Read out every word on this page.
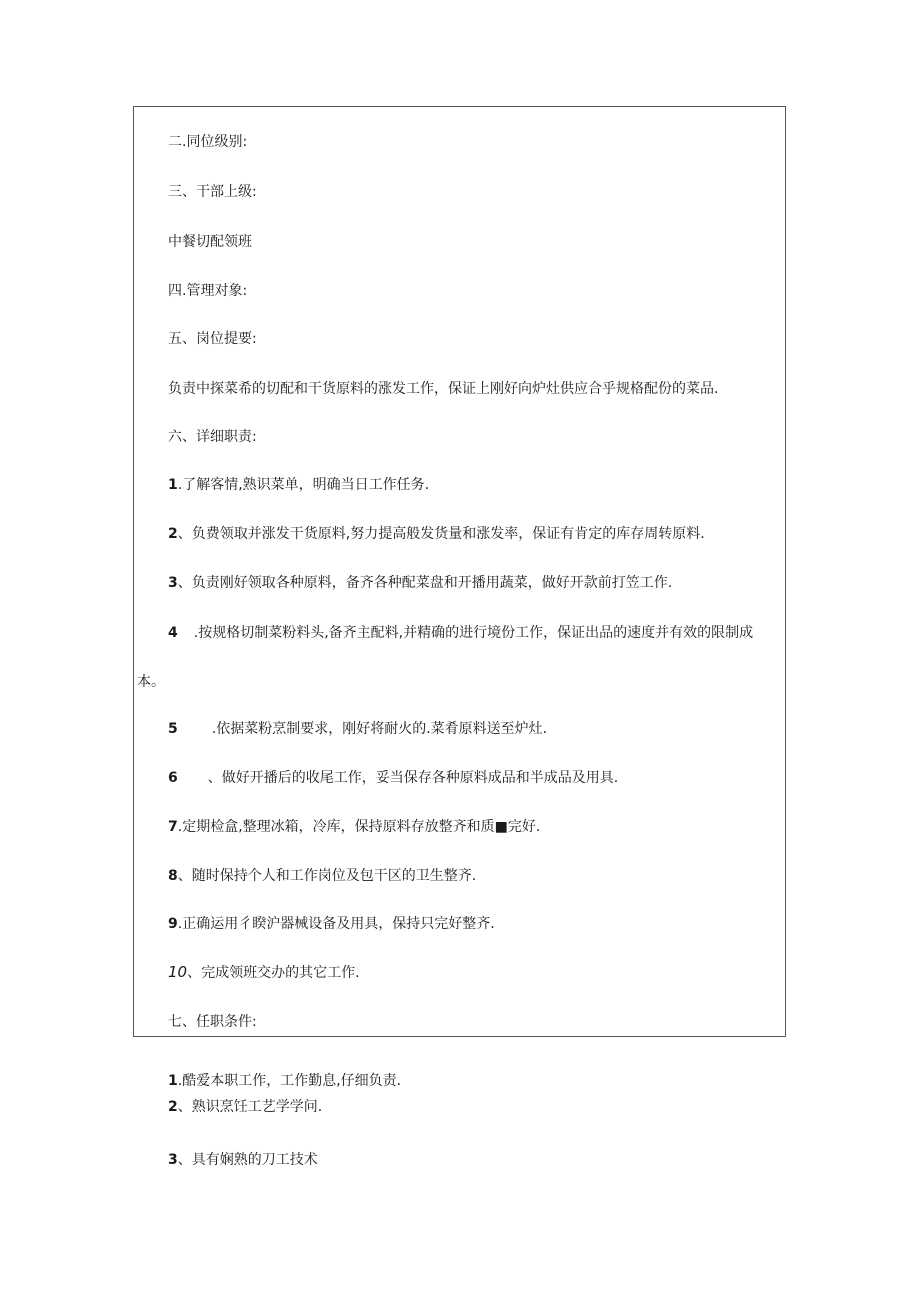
二.同位级别:

三、干部上级:

中餐切配领班

四.管理对象:

五、岗位提要:

负责中探菜希的切配和干货原料的涨发工作，保证上刚好向炉灶供应合乎规格配份的菜品.

六、详细职责:

1.了解客情,熟识菜单，明确当日工作任务.

2、负费领取并涨发干货原料,努力提高般发货量和涨发率，保证有肯定的库存周转原料.

3、负责刚好领取各种原料，备齐各种配菜盘和开播用蔬菜，做好开款前打笠工作.

4 .按规格切制菜粉料头,备齐主配料,并精确的进行境份工作，保证出品的速度并有效的限制成

本。

5 .依据菜粉烹制要求，刚好将耐火的.菜肴原料送至炉灶.

6 、做好开播后的收尾工作，妥当保存各种原料成品和半成品及用具.

7.定期检盒,整理冰箱，冷库，保持原料存放整齐和质■完好.

8、随时保持个人和工作岗位及包干区的卫生整齐.

9.正确运用彳睽沪器械设备及用具，保持只完好整齐.

10、完成领班交办的其它工作.

七、任职条件:

1.酷爱本职工作，工作勤息,仔细负责.

2、熟识烹饪工艺学学问.

3、具有娴熟的刀工技术
